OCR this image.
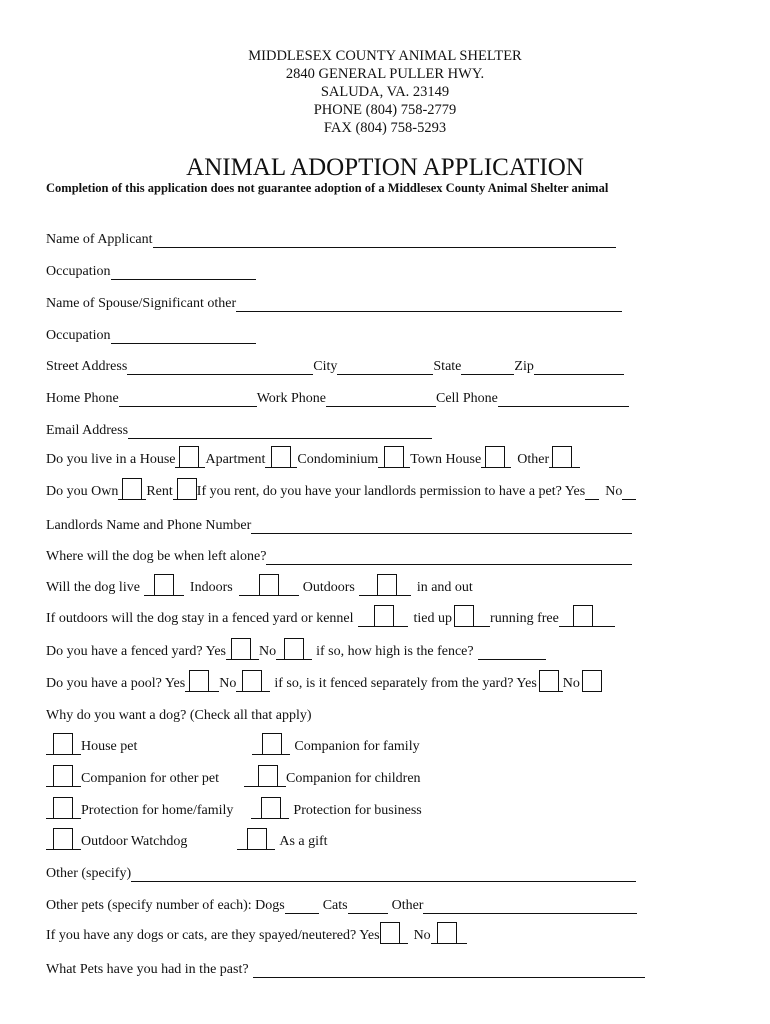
MIDDLESEX COUNTY ANIMAL SHELTER
2840 GENERAL PULLER HWY.
SALUDA, VA. 23149
PHONE (804) 758-2779
FAX (804) 758-5293
ANIMAL ADOPTION APPLICATION
Completion of this application does not guarantee adoption of a Middlesex County Animal Shelter animal
Name of Applicant
Occupation
Name of Spouse/Significant other
Occupation
Street Address	City	State	Zip
Home Phone	Work Phone	Cell Phone
Email Address
Do you live in a House Apartment Condominium Town House	Other
Do you Own Rent If you rent, do you have your landlords permission to have a pet? Yes No
Landlords Name and Phone Number
Where will the dog be when left alone?
Will the dog live	Indoors	Outdoors	in and out
If outdoors will the dog stay in a fenced yard or kennel	tied up	running free
Do you have a fenced yard? Yes No	if so, how high is the fence?
Do you have a pool? Yes No	if so, is it fenced separately from the yard? Yes No
Why do you want a dog? (Check all that apply)
House pet	Companion for family
Companion for other pet	Companion for children
Protection for home/family	Protection for business
Outdoor Watchdog	As a gift
Other (specify)
Other pets (specify number of each): Dogs	Cats	Other
If you have any dogs or cats, are they spayed/neutered? Yes No
What Pets have you had in the past?
